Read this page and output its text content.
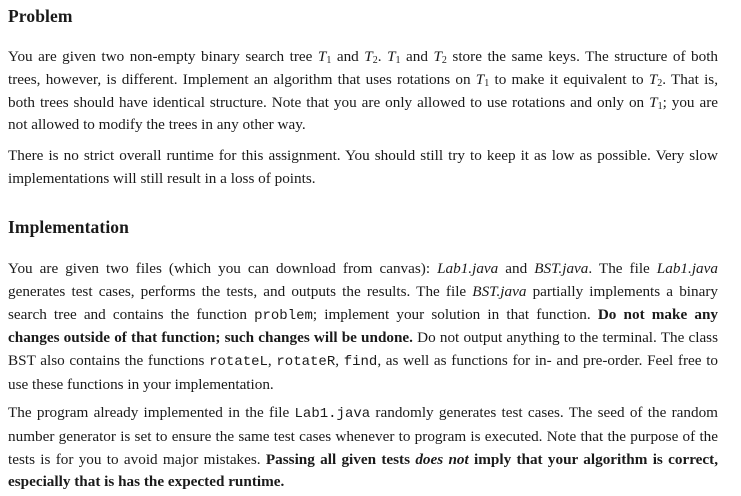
Problem

You are given two non-empty binary search tree $T_1$ and $T_2$. $T_1$ and $T_2$ store the same keys. The structure of both trees, however, is different. Implement an algorithm that uses rotations on $T_1$ to make it equivalent to $T_2$. That is, both trees should have identical structure. Note that you are only allowed to use rotations and only on $T_1$; you are not allowed to modify the trees in any other way.

There is no strict overall runtime for this assignment. You should still try to keep it as low as possible. Very slow implementations will still result in a loss of points.

Implementation

You are given two files (which you can download from canvas): Lab1.java and BST.java. The file Lab1.java generates test cases, performs the tests, and outputs the results. The file BST.java partially implements a binary search tree and contains the function problem; implement your solution in that function. Do not make any changes outside of that function; such changes will be undone. Do not output anything to the terminal. The class BST also contains the functions rotateL, rotateR, find, as well as functions for in- and pre-order. Feel free to use these functions in your implementation.

The program already implemented in the file Lab1.java randomly generates test cases. The seed of the random number generator is set to ensure the same test cases whenever to program is executed. Note that the purpose of the tests is for you to avoid major mistakes. Passing all given tests does not imply that your algorithm is correct, especially that is has the expected runtime.
